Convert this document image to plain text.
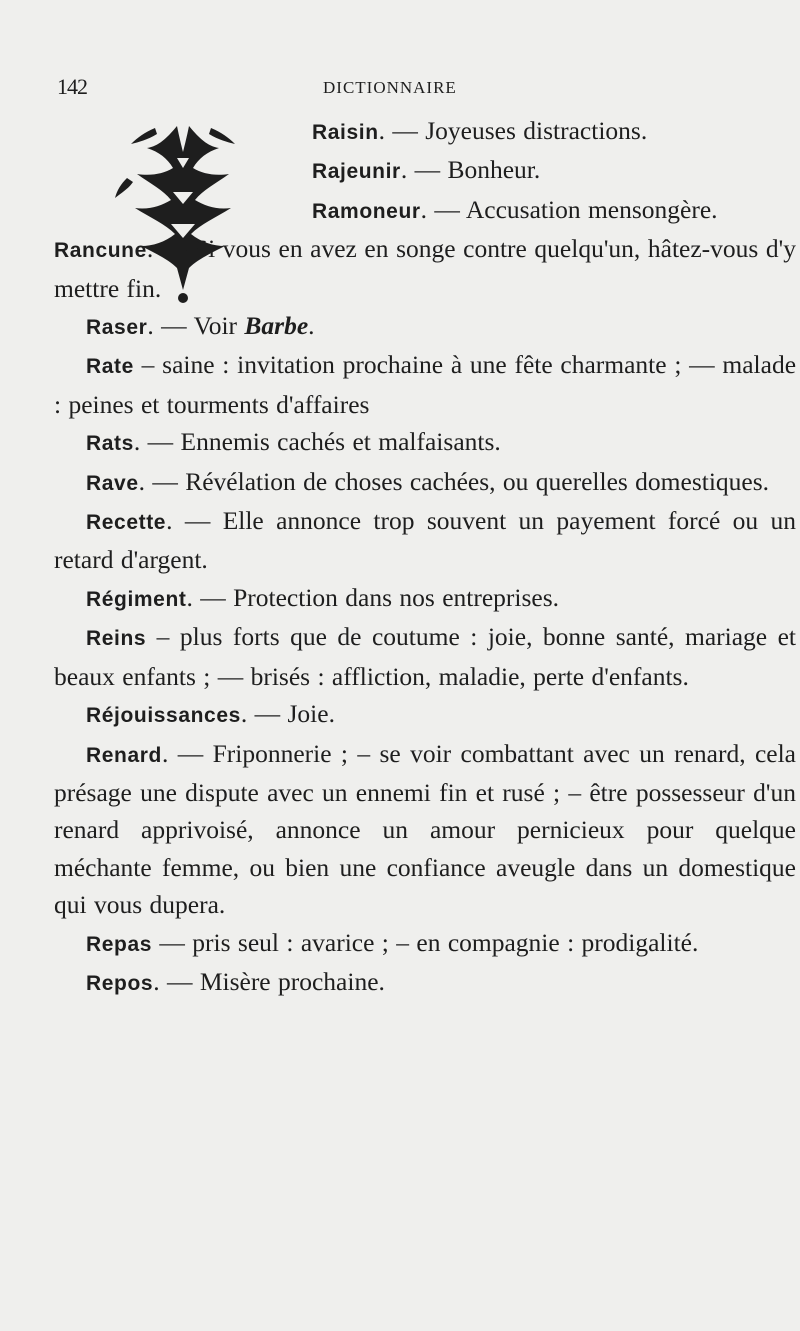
142	DICTIONNAIRE

Raisin. — Joyeuses distractions.

Rajeunir. — Bonheur.

Ramoneur. — Accusation mensongère.

Rancune. — Si vous en avez en songe contre quelqu'un, hâtez-vous d'y mettre fin.

Raser. — Voir Barbe.

Rate – saine : invitation prochaine à une fête charmante ; — malade : peines et tourments d'affaires

Rats. — Ennemis cachés et malfaisants.

Rave. — Révélation de choses cachées, ou querelles domestiques.

Recette. — Elle annonce trop souvent un payement forcé ou un retard d'argent.

Régiment. — Protection dans nos entreprises.

Reins – plus forts que de coutume : joie, bonne santé, mariage et beaux enfants ; — brisés : affliction, maladie, perte d'enfants.

Réjouissances. — Joie.

Renard. — Friponnerie ; – se voir combattant avec un renard, cela présage une dispute avec un ennemi fin et rusé ; – être possesseur d'un renard apprivoisé, annonce un amour pernicieux pour quelque méchante femme, ou bien une confiance aveugle dans un domestique qui vous dupera.

Repas — pris seul : avarice ; – en compagnie : prodigalité.

Repos. — Misère prochaine.
